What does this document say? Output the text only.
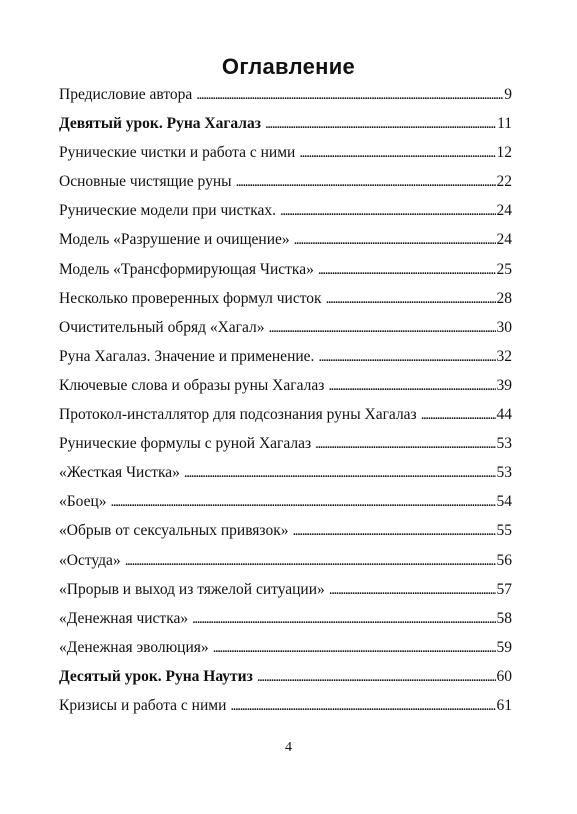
Оглавление
Предисловие автора . . .	9
Девятый урок. Руна Хагалаз . . .	11
Рунические чистки и работа с ними . . .	12
Основные чистящие руны . . .	22
Рунические модели при чистках. . . .	24
Модель «Разрушение и очищение» . . .	24
Модель «Трансформирующая Чистка» . . .	25
Несколько проверенных формул чисток . . .	28
Очистительный обряд «Хагал» . . .	30
Руна Хагалаз. Значение и применение. . . .	32
Ключевые слова и образы руны Хагалаз . . .	39
Протокол-инсталлятор для подсознания руны Хагалаз . . .	44
Рунические формулы с руной Хагалаз . . .	53
«Жесткая Чистка» . . .	53
«Боец» . . .	54
«Обрыв от сексуальных привязок» . . .	55
«Остуда» . . .	56
«Прорыв и выход из тяжелой ситуации» . . .	57
«Денежная чистка» . . .	58
«Денежная эволюция» . . .	59
Десятый урок. Руна Наутиз . . .	60
Кризисы и работа с ними . . .	61
4
